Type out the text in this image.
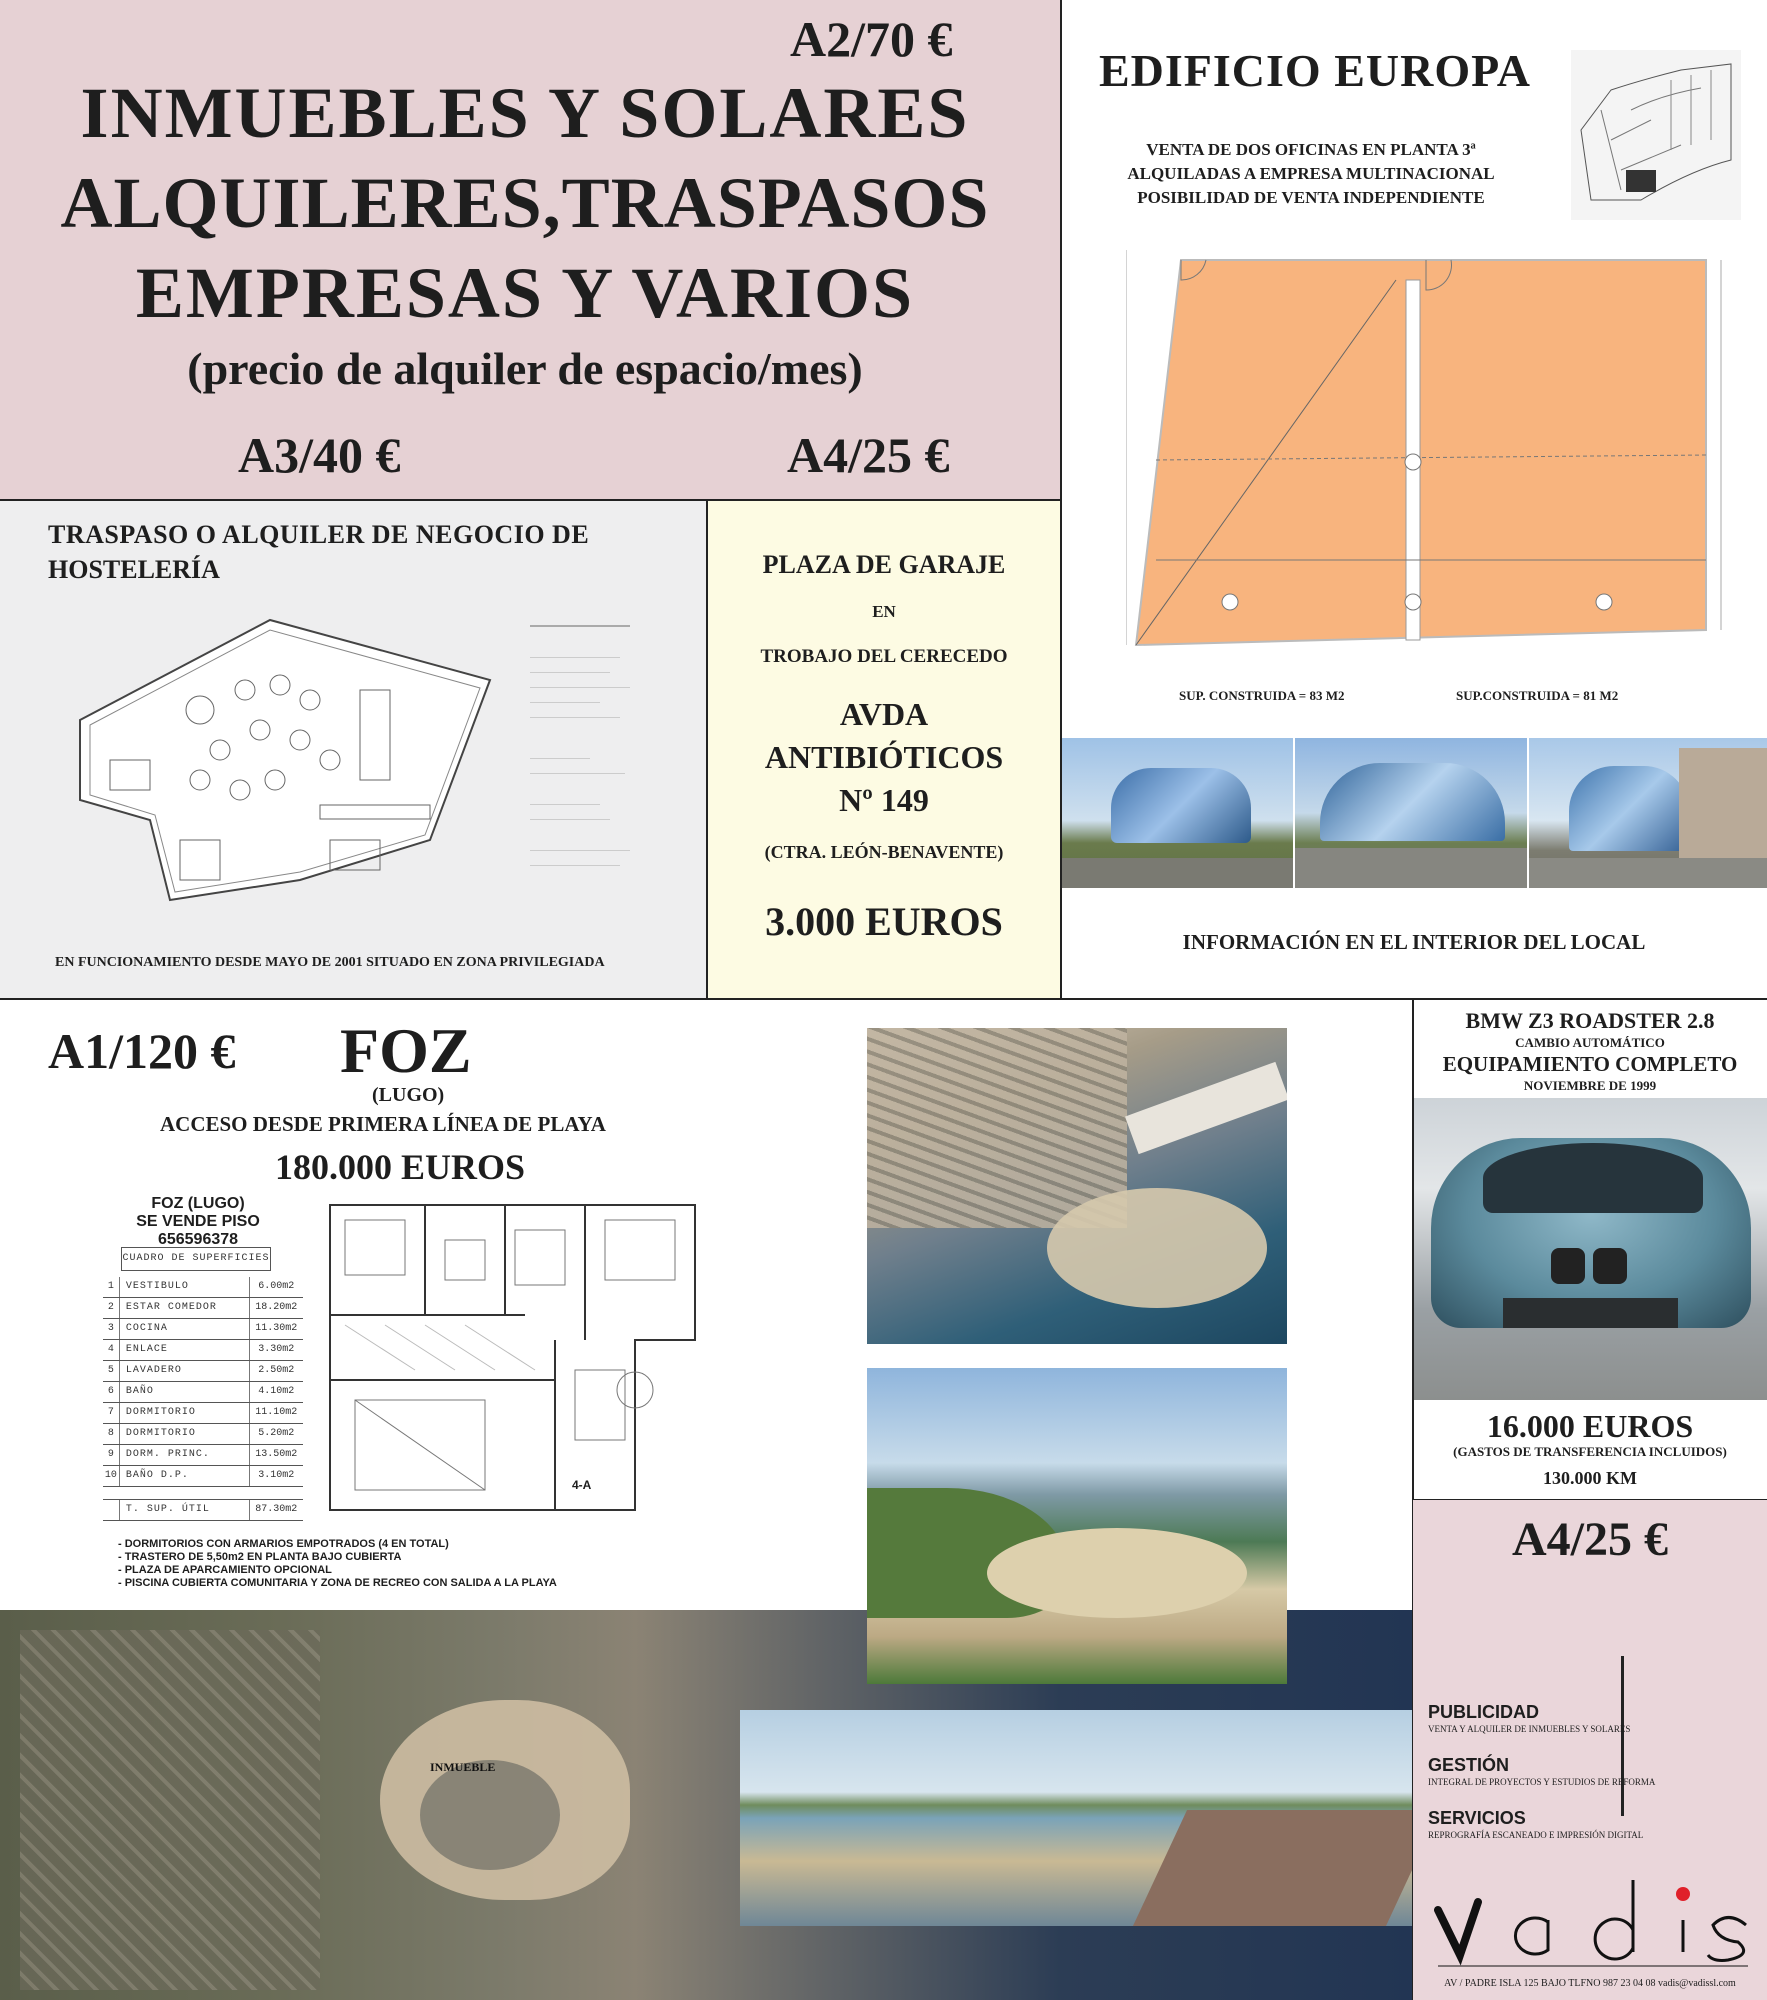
A2/70 €
INMUEBLES Y SOLARES
ALQUILERES,TRASPASOS
EMPRESAS Y VARIOS
(precio de alquiler de espacio/mes)
A3/40 €	A4/25 €
EDIFICIO EUROPA
VENTA DE DOS OFICINAS EN PLANTA 3ª
ALQUILADAS A EMPRESA MULTINACIONAL
POSIBILIDAD DE VENTA INDEPENDIENTE
SUP. CONSTRUIDA = 83 M2	SUP.CONSTRUIDA = 81 M2
INFORMACIÓN EN EL INTERIOR DEL LOCAL
TRASPASO O ALQUILER DE NEGOCIO DE
HOSTELERÍA
EN FUNCIONAMIENTO DESDE MAYO DE 2001 SITUADO EN ZONA PRIVILEGIADA
PLAZA DE GARAJE
EN
TROBAJO DEL CERECEDO
AVDA
ANTIBIÓTICOS
Nº 149
(CTRA. LEÓN-BENAVENTE)
3.000 EUROS
A1/120 € FOZ
(LUGO)
ACCESO DESDE PRIMERA LÍNEA DE PLAYA
180.000 EUROS
FOZ (LUGO)
SE VENDE PISO
656596378
CUADRO DE SUPERFICIES
1	VESTIBULO	6.00m2
2	ESTAR COMEDOR	18.20m2
3	COCINA	11.30m2
4	ENLACE	3.30m2
5	LAVADERO	2.50m2
6	BAÑO	4.10m2
7	DORMITORIO	11.10m2
8	DORMITORIO	5.20m2
9	DORM. PRINC.	13.50m2
10 BAÑO D.P.	3.10m2
T. SUP. ÚTIL	87.30m2
4-A
- DORMITORIOS CON ARMARIOS EMPOTRADOS (4 EN TOTAL)
- TRASTERO DE 5,50m2 EN PLANTA BAJO CUBIERTA
- PLAZA DE APARCAMIENTO OPCIONAL
- PISCINA CUBIERTA COMUNITARIA Y ZONA DE RECREO CON SALIDA A LA PLAYA
INMUEBLE
BMW Z3 ROADSTER 2.8
CAMBIO AUTOMÁTICO
EQUIPAMIENTO COMPLETO
NOVIEMBRE DE 1999
16.000 EUROS
(GASTOS DE TRANSFERENCIA INCLUIDOS)
130.000 KM
A4/25 €
PUBLICIDAD
VENTA Y ALQUILER DE INMUEBLES Y SOLARES
GESTIÓN
INTEGRAL DE PROYECTOS Y ESTUDIOS DE REFORMA
SERVICIOS
REPROGRAFÍA ESCANEADO E IMPRESIÓN DIGITAL
AV / PADRE ISLA 125 BAJO TLFNO 987 23 04 08 vadis@vadissl.com
